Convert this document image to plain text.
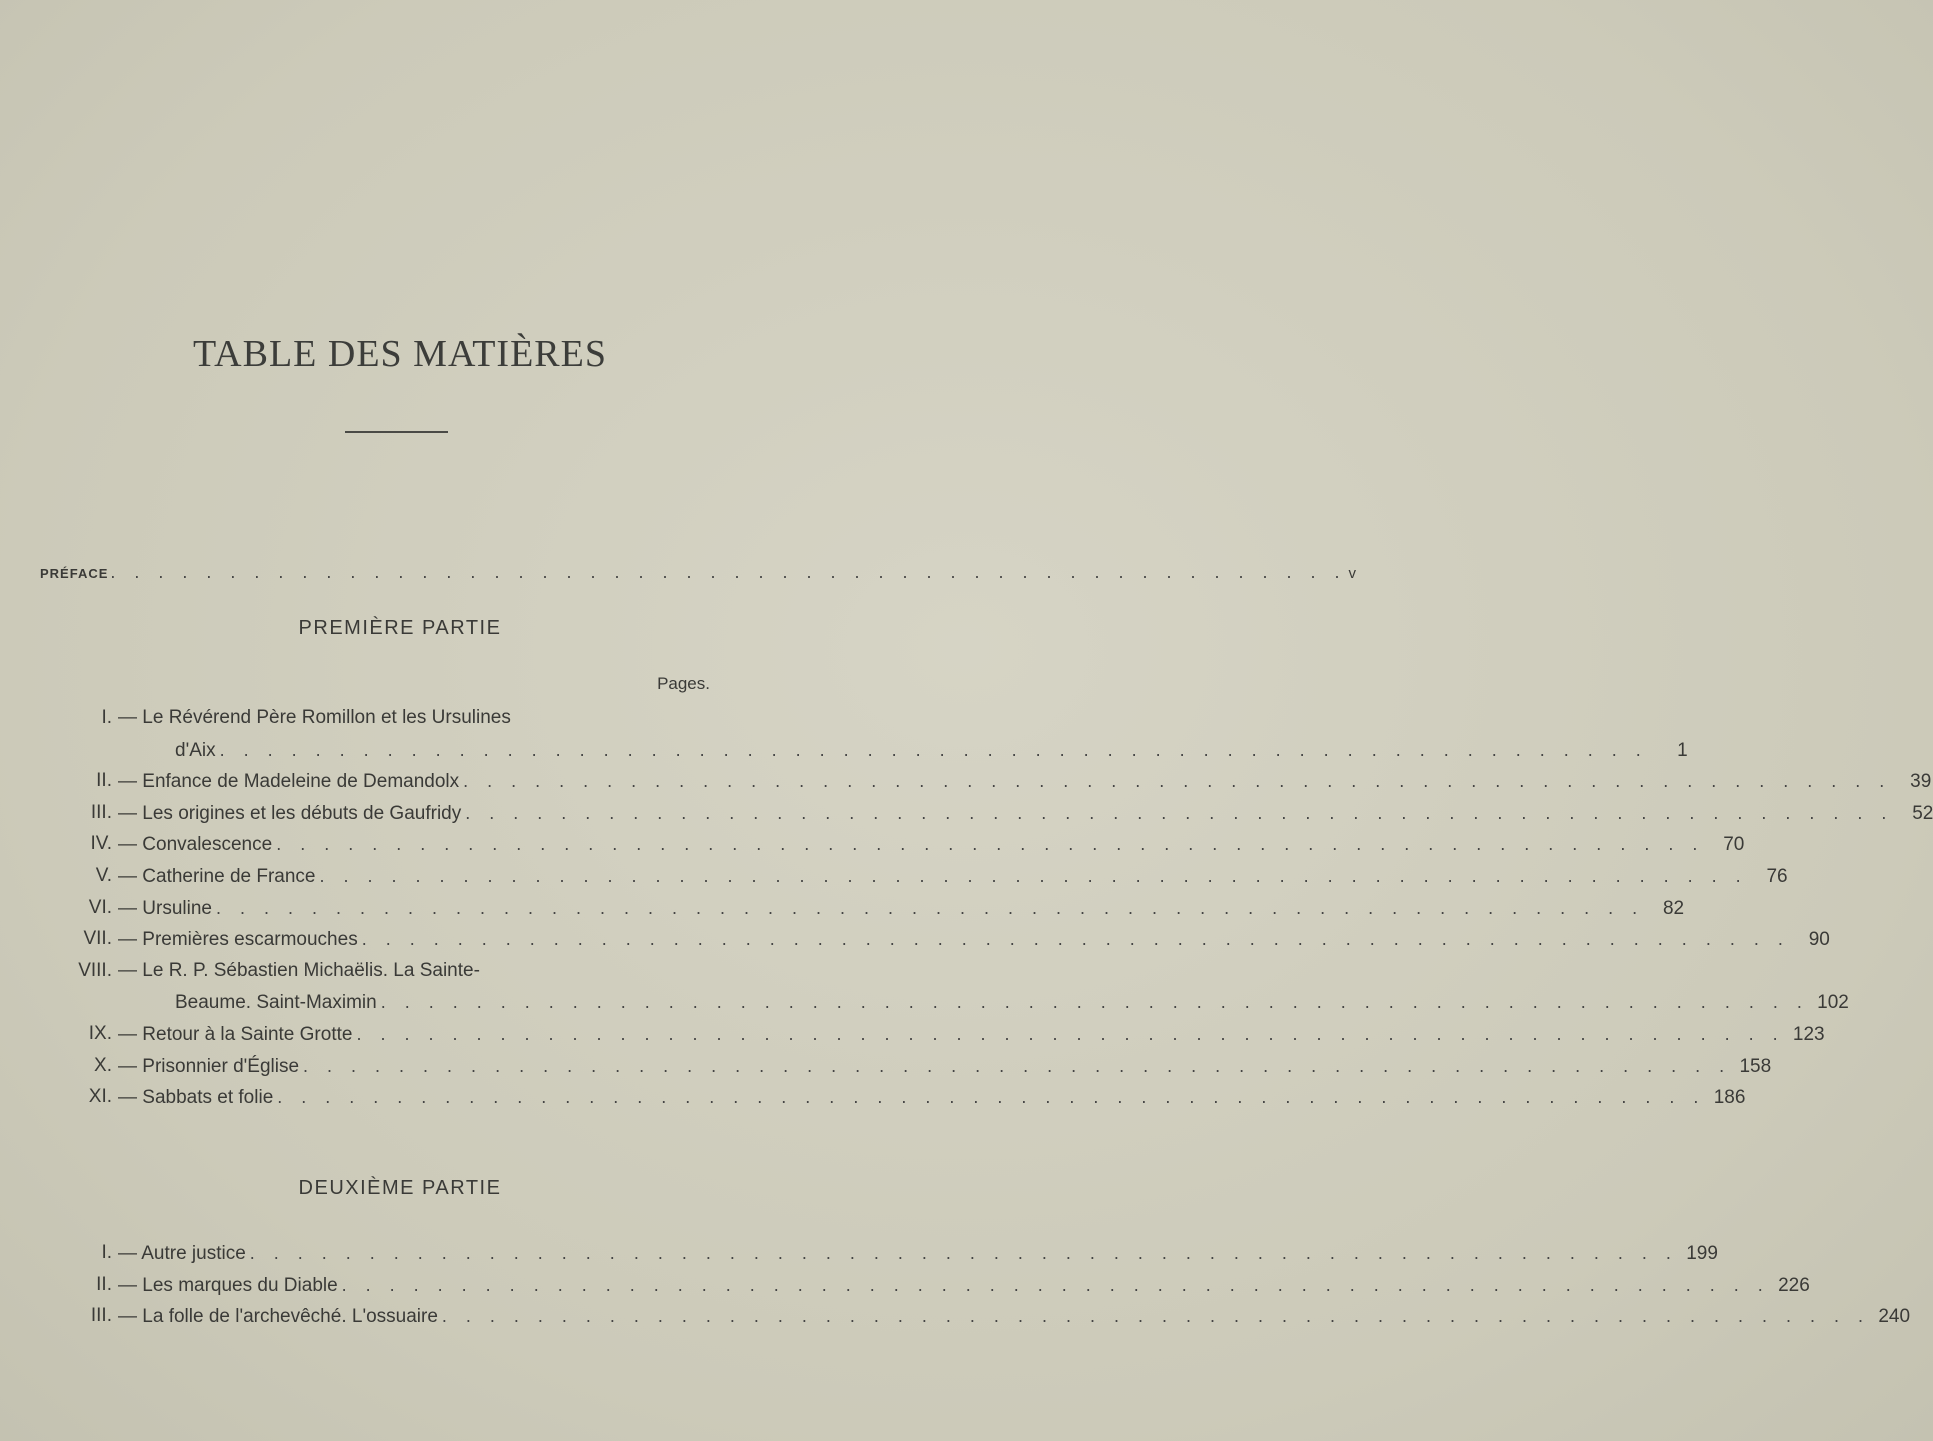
TABLE DES MATIÈRES
PRÉFACE . . . . . . . . . . . . . . . . . . . . . . . . . . . . . . . . . . . . . . . . . . . . . . . . . . . . v
PREMIÈRE PARTIE
Pages.
I. — Le Révérend Père Romillon et les Ursulines
d'Aix . . . . . . . . . . . . . . . . . . . . . . . . . . . . . . . . . . . . . . . . . . . . . . . . . . . . . . . . . . . .	1
II. — Enfance de Madeleine de Demandolx . . . . . . . . . . . . . . . . . . . . . . . . . . . . . . . . . . . . . . . . . . . . . . . . . . . . . . . . . . . . 39
III. — Les origines et les débuts de Gaufridy . . . . . . . . . . . . . . . . . . . . . . . . . . . . . . . . . . . . . . . . . . . . . . . . . . . . . . . . . . . . 52
IV. — Convalescence . . . . . . . . . . . . . . . . . . . . . . . . . . . . . . . . . . . . . . . . . . . . . . . . . . . . . . . . . . . . 70
V. — Catherine de France . . . . . . . . . . . . . . . . . . . . . . . . . . . . . . . . . . . . . . . . . . . . . . . . . . . . . . . . . . . . 76
VI. — Ursuline . . . . . . . . . . . . . . . . . . . . . . . . . . . . . . . . . . . . . . . . . . . . . . . . . . . . . . . . . . . . 82
VII. — Premières escarmouches . . . . . . . . . . . . . . . . . . . . . . . . . . . . . . . . . . . . . . . . . . . . . . . . . . . . . . . . . . . . 90
VIII. — Le R. P. Sébastien Michaëlis. La Sainte-
Beaume. Saint-Maximin . . . . . . . . . . . . . . . . . . . . . . . . . . . . . . . . . . . . . . . . . . . . . . . . . . . . . . . . . . . . 102
IX. — Retour à la Sainte Grotte . . . . . . . . . . . . . . . . . . . . . . . . . . . . . . . . . . . . . . . . . . . . . . . . . . . . . . . . . . . . 123
X. — Prisonnier d'Église . . . . . . . . . . . . . . . . . . . . . . . . . . . . . . . . . . . . . . . . . . . . . . . . . . . . . . . . . . . . 158
XI. — Sabbats et folie . . . . . . . . . . . . . . . . . . . . . . . . . . . . . . . . . . . . . . . . . . . . . . . . . . . . . . . . . . . . 186
DEUXIÈME PARTIE
I. — Autre justice . . . . . . . . . . . . . . . . . . . . . . . . . . . . . . . . . . . . . . . . . . . . . . . . . . . . . . . . . . . . 199
II. — Les marques du Diable . . . . . . . . . . . . . . . . . . . . . . . . . . . . . . . . . . . . . . . . . . . . . . . . . . . . . . . . . . . . 226
III. — La folle de l'archevêché. L'ossuaire . . . . . . . . . . . . . . . . . . . . . . . . . . . . . . . . . . . . . . . . . . . . . . . . . . . . . . . . . . . . 240
